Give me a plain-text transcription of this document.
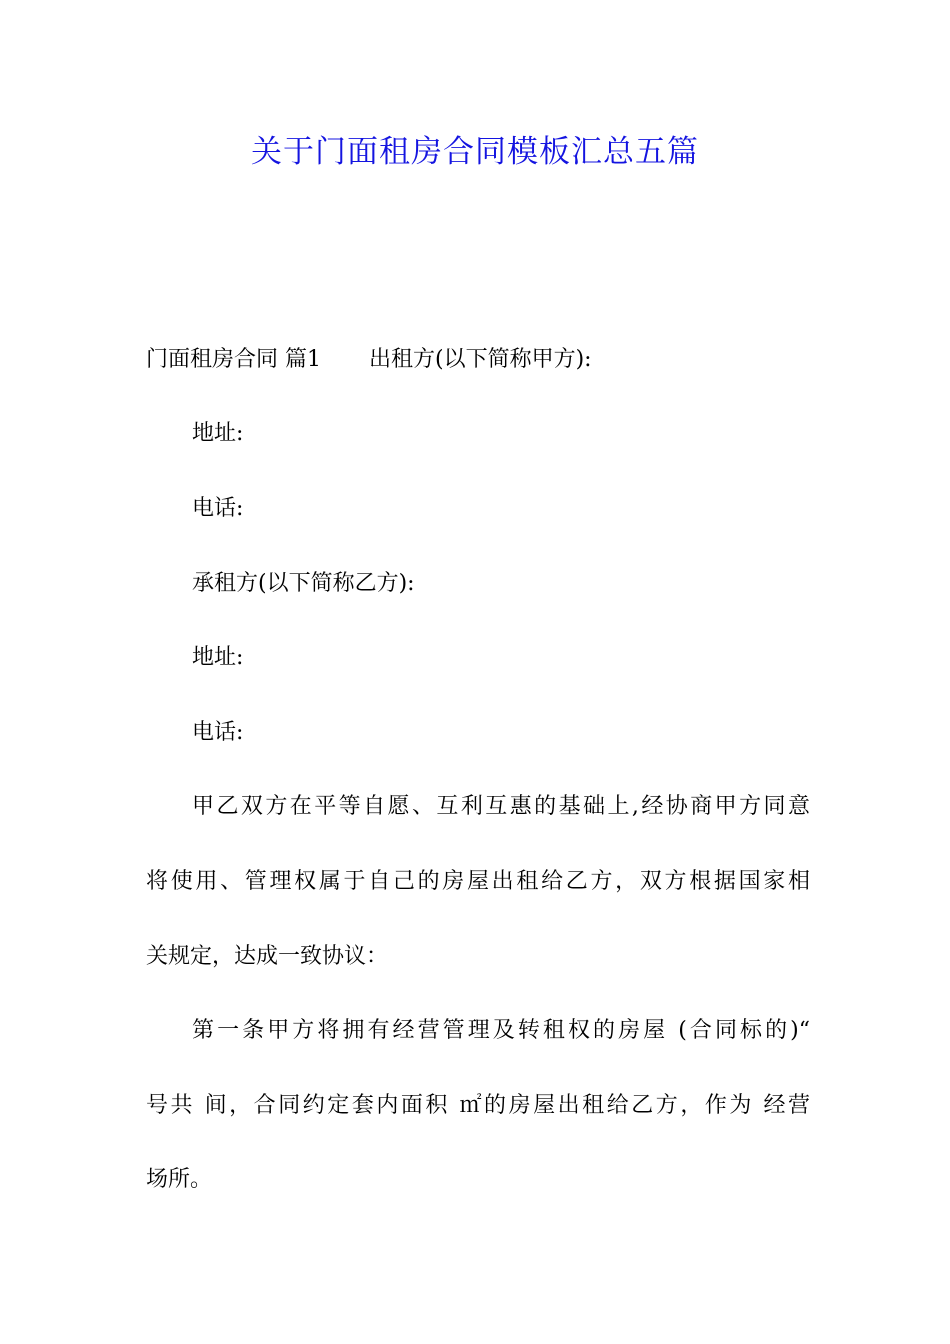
关于门面租房合同模板汇总五篇
门面租房合同 篇1 出租方(以下简称甲方):
地址:
电话:
承租方(以下简称乙方):
地址:
电话:
甲乙双方在平等自愿、互利互惠的基础上,经协商甲方同意
将使用、管理权属于自己的房屋出租给乙方，双方根据国家相
关规定，达成一致协议：
第一条甲方将拥有经营管理及转租权的房屋 (合同标的)“
号共 间，合同约定套内面积 ㎡的房屋出租给乙方，作为 经营
场所。
